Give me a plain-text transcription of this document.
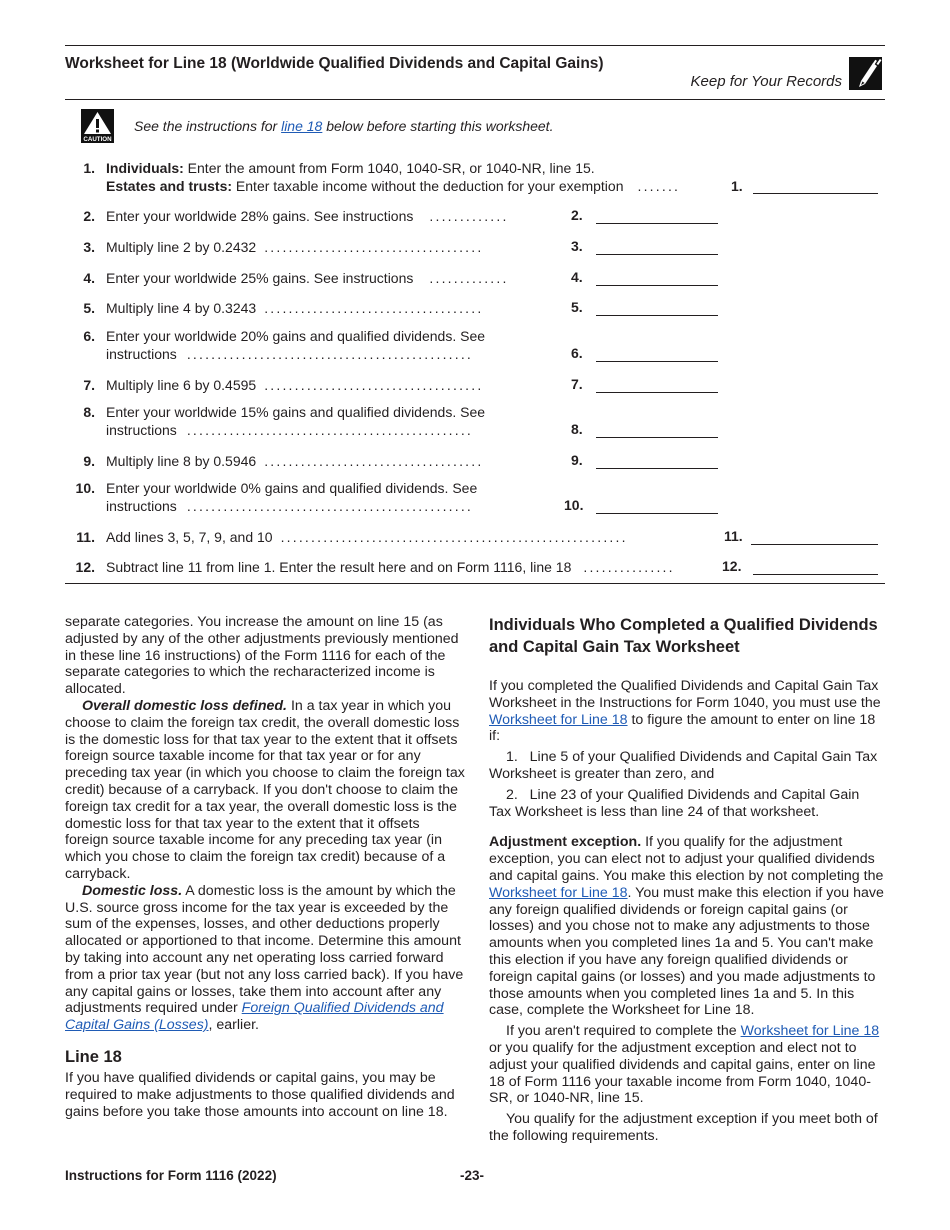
Worksheet for Line 18 (Worldwide Qualified Dividends and Capital Gains)
Keep for Your Records
CAUTION
See the instructions for line 18 below before starting this worksheet.
1. Individuals: Enter the amount from Form 1040, 1040-SR, or 1040-NR, line 15.
Estates and trusts: Enter taxable income without the deduction for your exemption .......	1.
2. Enter your worldwide 28% gains. See instructions .............	2.
3. Multiply line 2 by 0.2432 ....................................	3.
4. Enter your worldwide 25% gains. See instructions .............	4.
5. Multiply line 4 by 0.3243 ....................................	5.
6. Enter your worldwide 20% gains and qualified dividends. See
instructions ...............................................	6.
7. Multiply line 6 by 0.4595 ....................................	7.
8. Enter your worldwide 15% gains and qualified dividends. See
instructions ...............................................	8.
9. Multiply line 8 by 0.5946 ....................................	9.
10. Enter your worldwide 0% gains and qualified dividends. See
instructions ...............................................	10.
11. Add lines 3, 5, 7, 9, and 10 .........................................................	11.
12. Subtract line 11 from line 1. Enter the result here and on Form 1116, line 18 ...............	12.

separate categories. You increase the amount on line 15 (as adjusted by any of the other adjustments previously mentioned in these line 16 instructions) of the Form 1116 for each of the separate categories to which the recharacterized income is allocated.

Overall domestic loss defined. In a tax year in which you choose to claim the foreign tax credit, the overall domestic loss is the domestic loss for that tax year to the extent that it offsets foreign source taxable income for that tax year or for any preceding tax year (in which you choose to claim the foreign tax credit) because of a carryback. If you don't choose to claim the foreign tax credit for a tax year, the overall domestic loss is the domestic loss for that tax year to the extent that it offsets foreign source taxable income for any preceding tax year (in which you chose to claim the foreign tax credit) because of a carryback.

Domestic loss. A domestic loss is the amount by which the U.S. source gross income for the tax year is exceeded by the sum of the expenses, losses, and other deductions properly allocated or apportioned to that income. Determine this amount by taking into account any net operating loss carried forward from a prior tax year (but not any loss carried back). If you have any capital gains or losses, take them into account after any adjustments required under Foreign Qualified Dividends and Capital Gains (Losses), earlier.

Line 18

If you have qualified dividends or capital gains, you may be required to make adjustments to those qualified dividends and gains before you take those amounts into account on line 18.

Individuals Who Completed a Qualified Dividends and Capital Gain Tax Worksheet

If you completed the Qualified Dividends and Capital Gain Tax Worksheet in the Instructions for Form 1040, you must use the Worksheet for Line 18 to figure the amount to enter on line 18 if:

1.   Line 5 of your Qualified Dividends and Capital Gain Tax Worksheet is greater than zero, and

2.   Line 23 of your Qualified Dividends and Capital Gain Tax Worksheet is less than line 24 of that worksheet.

Adjustment exception. If you qualify for the adjustment exception, you can elect not to adjust your qualified dividends and capital gains. You make this election by not completing the Worksheet for Line 18. You must make this election if you have any foreign qualified dividends or foreign capital gains (or losses) and you chose not to make any adjustments to those amounts when you completed lines 1a and 5. You can't make this election if you have any foreign qualified dividends or foreign capital gains (or losses) and you made adjustments to those amounts when you completed lines 1a and 5. In this case, complete the Worksheet for Line 18.

If you aren't required to complete the Worksheet for Line 18 or you qualify for the adjustment exception and elect not to adjust your qualified dividends and capital gains, enter on line 18 of Form 1116 your taxable income from Form 1040, 1040-SR, or 1040-NR, line 15.

You qualify for the adjustment exception if you meet both of the following requirements.

Instructions for Form 1116 (2022)	-23-
